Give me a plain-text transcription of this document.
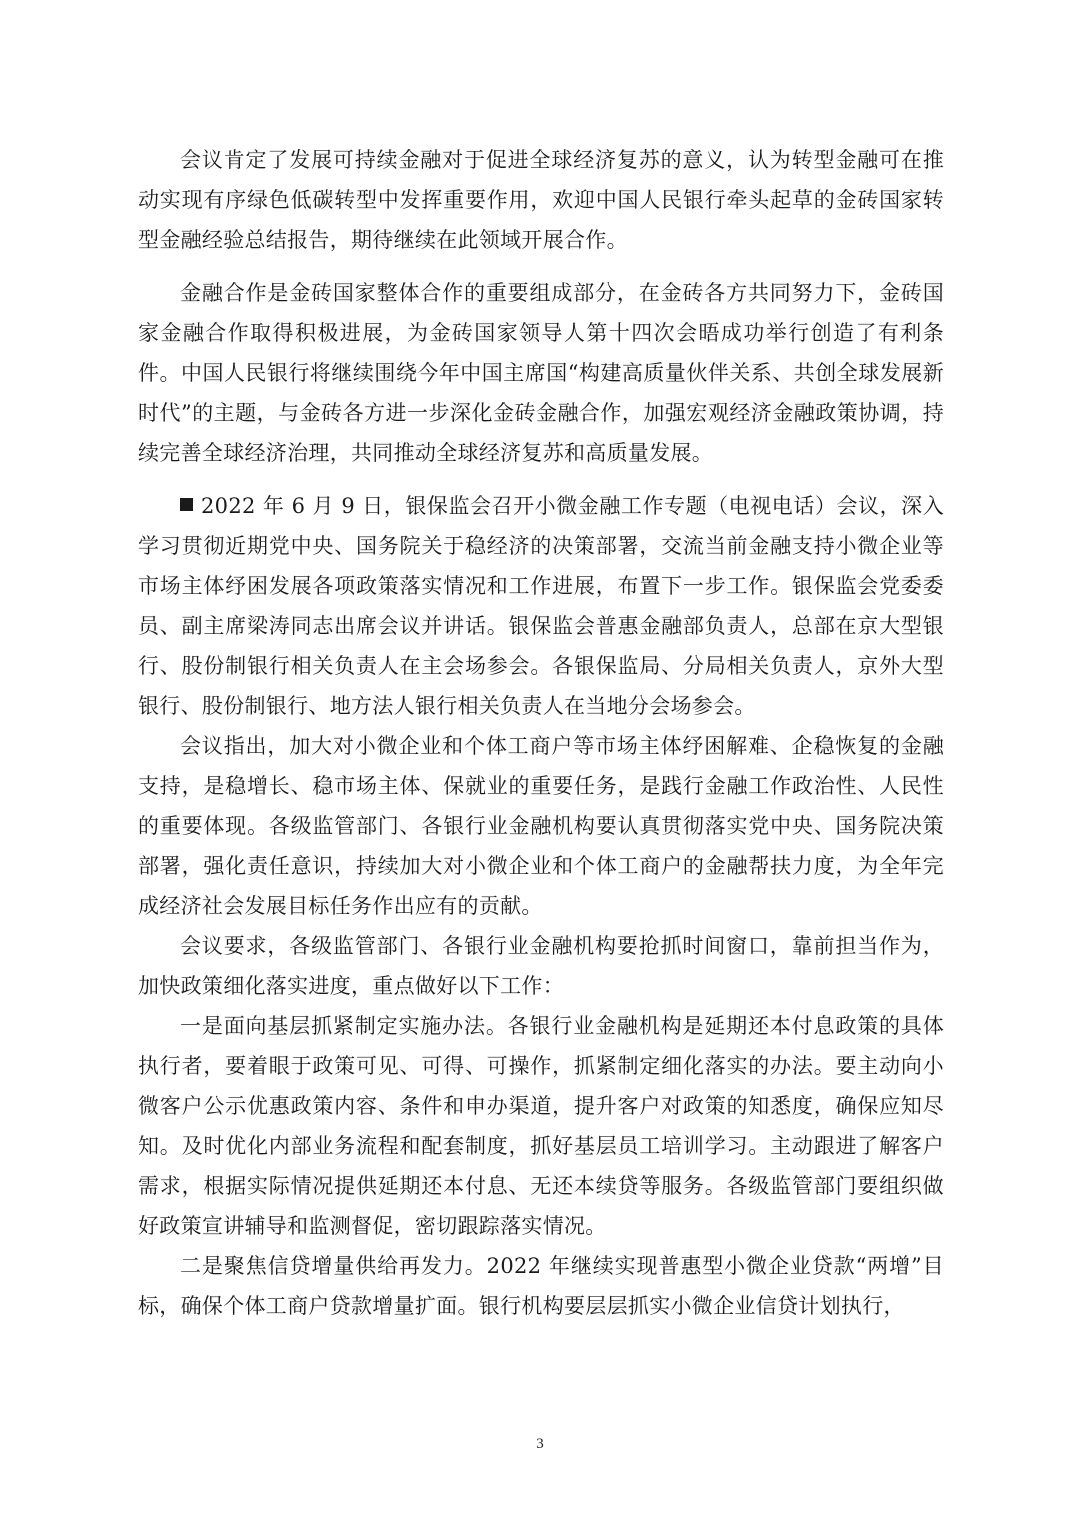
会议肯定了发展可持续金融对于促进全球经济复苏的意义，认为转型金融可在推动实现有序绿色低碳转型中发挥重要作用，欢迎中国人民银行牵头起草的金砖国家转型金融经验总结报告，期待继续在此领域开展合作。

金融合作是金砖国家整体合作的重要组成部分，在金砖各方共同努力下，金砖国家金融合作取得积极进展，为金砖国家领导人第十四次会晤成功举行创造了有利条件。中国人民银行将继续围绕今年中国主席国“构建高质量伙伴关系、共创全球发展新时代”的主题，与金砖各方进一步深化金砖金融合作，加强宏观经济金融政策协调，持续完善全球经济治理，共同推动全球经济复苏和高质量发展。

2022 年 6 月 9 日，银保监会召开小微金融工作专题（电视电话）会议，深入学习贯彻近期党中央、国务院关于稳经济的决策部署，交流当前金融支持小微企业等市场主体纾困发展各项政策落实情况和工作进展，布置下一步工作。银保监会党委委员、副主席梁涛同志出席会议并讲话。银保监会普惠金融部负责人，总部在京大型银行、股份制银行相关负责人在主会场参会。各银保监局、分局相关负责人，京外大型银行、股份制银行、地方法人银行相关负责人在当地分会场参会。

会议指出，加大对小微企业和个体工商户等市场主体纾困解难、企稳恢复的金融支持，是稳增长、稳市场主体、保就业的重要任务，是践行金融工作政治性、人民性的重要体现。各级监管部门、各银行业金融机构要认真贯彻落实党中央、国务院决策部署，强化责任意识，持续加大对小微企业和个体工商户的金融帮扶力度，为全年完成经济社会发展目标任务作出应有的贡献。

会议要求，各级监管部门、各银行业金融机构要抢抓时间窗口，靠前担当作为，加快政策细化落实进度，重点做好以下工作：

一是面向基层抓紧制定实施办法。各银行业金融机构是延期还本付息政策的具体执行者，要着眼于政策可见、可得、可操作，抓紧制定细化落实的办法。要主动向小微客户公示优惠政策内容、条件和申办渠道，提升客户对政策的知悉度，确保应知尽知。及时优化内部业务流程和配套制度，抓好基层员工培训学习。主动跟进了解客户需求，根据实际情况提供延期还本付息、无还本续贷等服务。各级监管部门要组织做好政策宣讲辅导和监测督促，密切跟踪落实情况。

二是聚焦信贷增量供给再发力。2022 年继续实现普惠型小微企业贷款“两增”目标，确保个体工商户贷款增量扩面。银行机构要层层抓实小微企业信贷计划执行，

3
